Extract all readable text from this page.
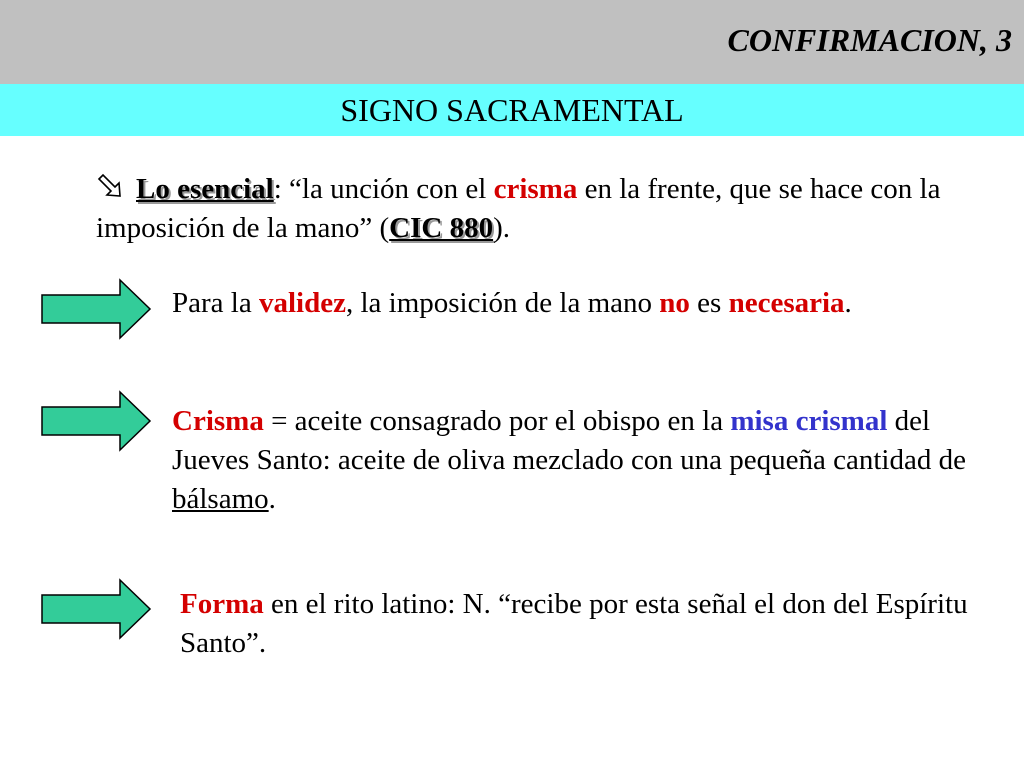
CONFIRMACION, 3
SIGNO SACRAMENTAL
Lo esencial: “la unción con el crisma en la frente, que se hace con la imposición de la mano” (CIC 880).
Para la validez, la imposición de la mano no es necesaria.
Crisma = aceite consagrado por el obispo en la misa crismal del Jueves Santo: aceite de oliva mezclado con una pequeña cantidad de bálsamo.
Forma en el rito latino: N. “recibe por esta señal el don del Espíritu Santo”.
